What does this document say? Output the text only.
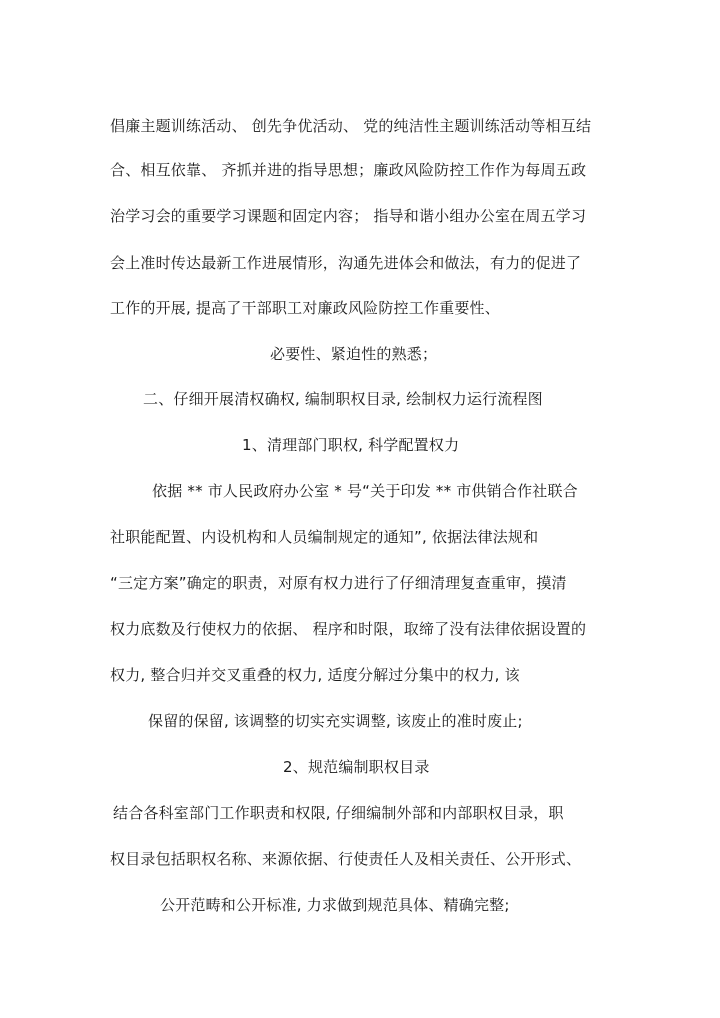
倡廉主题训练活动、 创先争优活动、 党的纯洁性主题训练活动等相互结
合、相互依靠、 齐抓并进的指导思想；廉政风险防控工作作为每周五政
治学习会的重要学习课题和固定内容； 指导和谐小组办公室在周五学习
会上准时传达最新工作进展情形，沟通先进体会和做法，有力的促进了
工作的开展, 提高了干部职工对廉政风险防控工作重要性、
必要性、紧迫性的熟悉；
二、仔细开展清权确权, 编制职权目录, 绘制权力运行流程图
1、清理部门职权, 科学配置权力
依据 ** 市人民政府办公室 * 号“关于印发 ** 市供销合作社联合
社职能配置、内设机构和人员编制规定的通知”, 依据法律法规和
“三定方案”确定的职责，对原有权力进行了仔细清理复查重审，摸清
权力底数及行使权力的依据、 程序和时限，取缔了没有法律依据设置的
权力, 整合归并交叉重叠的权力, 适度分解过分集中的权力, 该
保留的保留, 该调整的切实充实调整, 该废止的准时废止;
2、规范编制职权目录
结合各科室部门工作职责和权限, 仔细编制外部和内部职权目录，职
权目录包括职权名称、来源依据、行使责任人及相关责任、公开形式、
公开范畴和公开标准, 力求做到规范具体、精确完整;
